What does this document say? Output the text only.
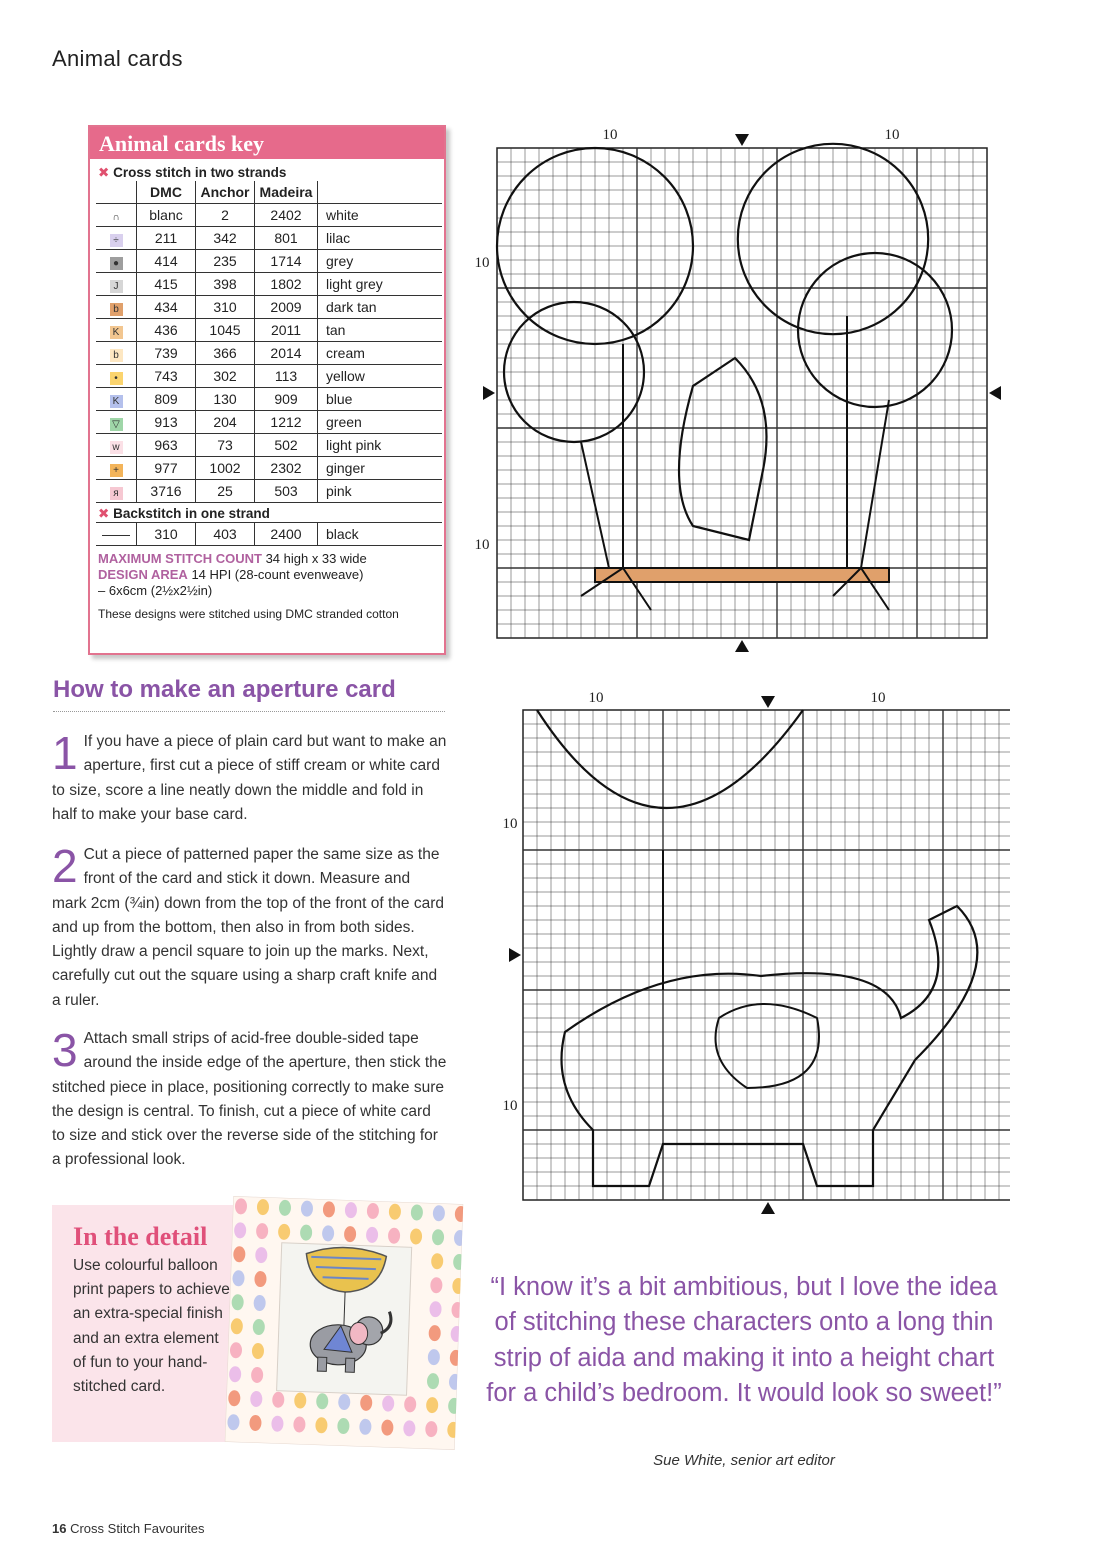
Animal cards
Animal cards key
✖ Cross stitch in two strands
	DMC	Anchor	Madeira	
∩	blanc	2	2402	white
÷	211	342	801	lilac
●	414	235	1714	grey
J	415	398	1802	light grey
b	434	310	2009	dark tan
K	436	1045	2011	tan
b	739	366	2014	cream
•	743	302	113	yellow
K	809	130	909	blue
▽	913	204	1212	green
w	963	73	502	light pink
+	977	1002	2302	ginger
я	3716	25	503	pink
✖ Backstitch in one strand
——	310	403	2400	black
MAXIMUM STITCH COUNT 34 high x 33 wide
DESIGN AREA 14 HPI (28-count evenweave)
– 6x6cm (2½x2½in)
These designs were stitched using DMC stranded cotton
How to make an aperture card
1 If you have a piece of plain card but want to make an aperture, first cut a piece of stiff cream or white card to size, score a line neatly down the middle and fold in half to make your base card.
2 Cut a piece of patterned paper the same size as the front of the card and stick it down. Measure and mark 2cm (¾in) down from the top of the front of the card and up from the bottom, then also in from both sides. Lightly draw a pencil square to join up the marks. Next, carefully cut out the square using a sharp craft knife and a ruler.
3 Attach small strips of acid-free double-sided tape around the inside edge of the aperture, then stick the stitched piece in place, positioning correctly to make sure the design is central. To finish, cut a piece of white card to size and stick over the reverse side of the stitching for a professional look.
In the detail
Use colourful balloon print papers to achieve an extra-special finish and an extra element of fun to your hand-stitched card.
10	10
10
10
10	10
10
10
“I know it’s a bit ambitious, but I love the idea of stitching these characters onto a long thin strip of aida and making it into a height chart for a child’s bedroom. It would look so sweet!”
Sue White, senior art editor
16 Cross Stitch Favourites
